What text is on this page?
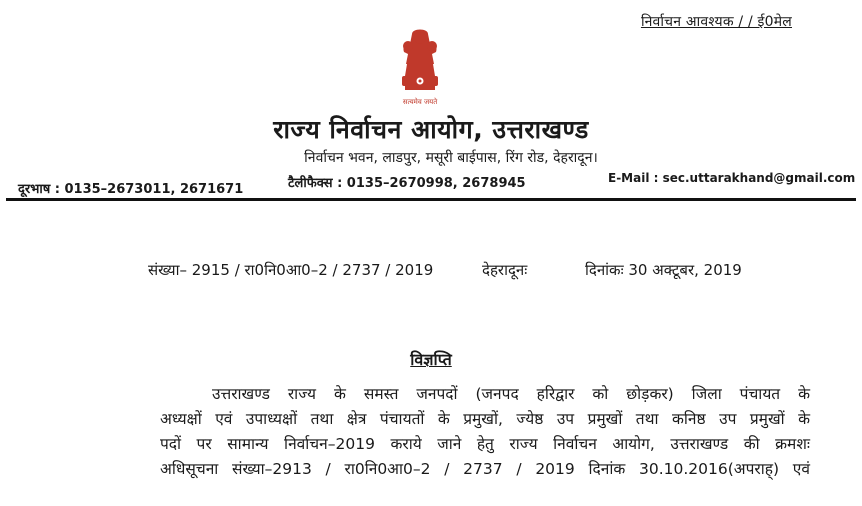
निर्वाचन आवश्यक / / ई0मेल
सत्यमेव जयते
राज्य निर्वाचन आयोग, उत्तराखण्ड
निर्वाचन भवन, लाडपुर, मसूरी बाईपास, रिंग रोड, देहरादून।
दूरभाष : 0135–2673011, 2671671	टैलीफैक्स : 0135–2670998, 2678945	E-Mail : sec.uttarakhand@gmail.com
संख्या– 2915 / रा0नि0आ0–2 / 2737 / 2019	देहरादूनः	दिनांकः 30 अक्टूबर, 2019
विज्ञप्ति
उत्तराखण्ड राज्य के समस्त जनपदों (जनपद हरिद्वार को छोड़कर) जिला पंचायत के
अध्यक्षों एवं उपाध्यक्षों तथा क्षेत्र पंचायतों के प्रमुखों, ज्येष्ठ उप प्रमुखों तथा कनिष्ठ उप प्रमुखों के
पदों पर सामान्य निर्वाचन–2019 कराये जाने हेतु राज्य निर्वाचन आयोग, उत्तराखण्ड की क्रमशः
अधिसूचना संख्या–2913 / रा0नि0आ0–2 / 2737 / 2019 दिनांक 30.10.2016(अपराह्) एवं
